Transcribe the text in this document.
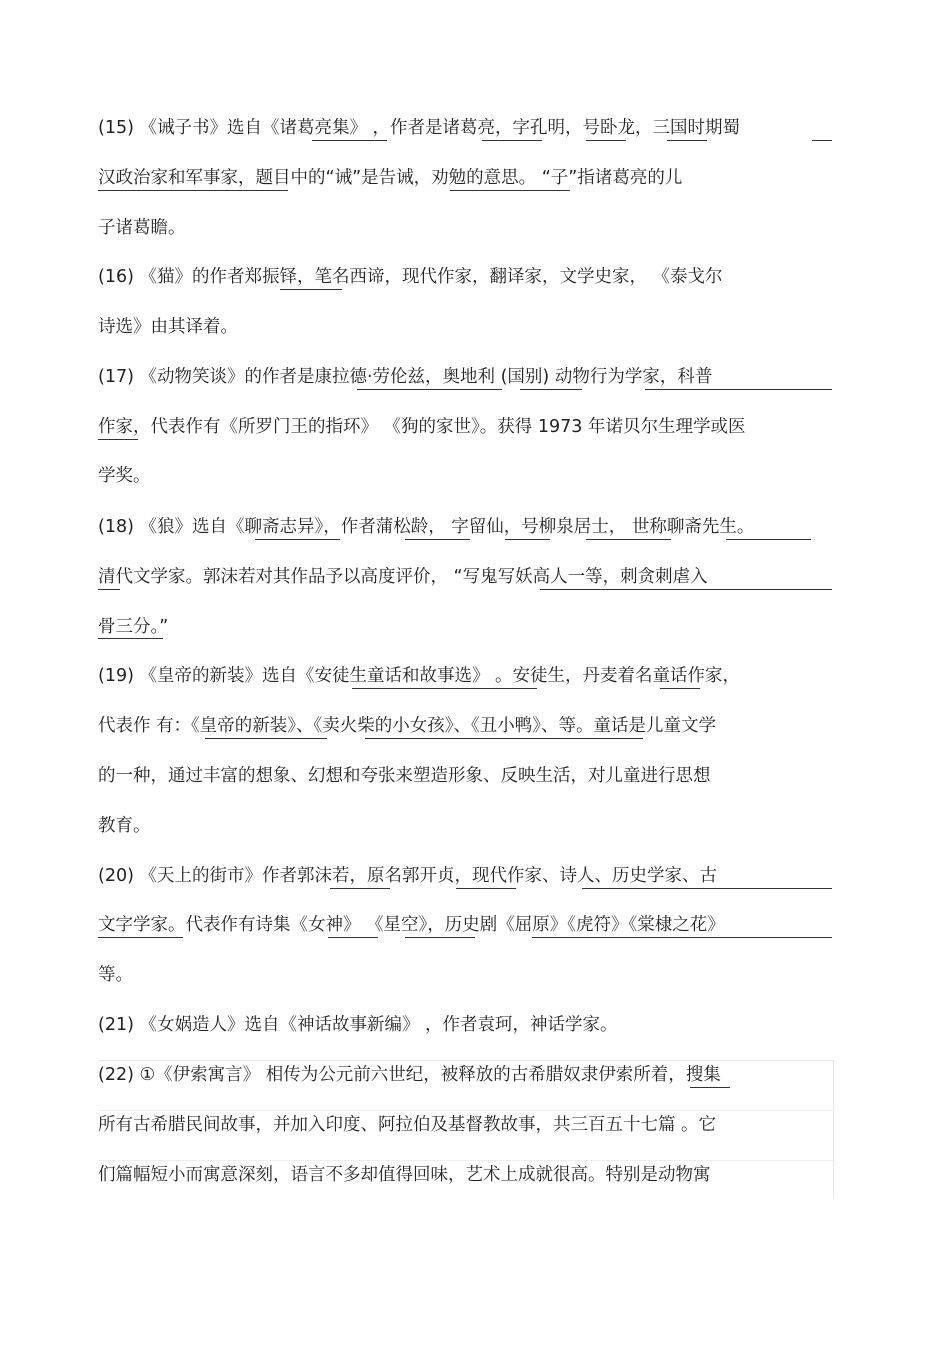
(15) 《诫子书》选自《诸葛亮集》 ，作者是诸葛亮，字孔明，号卧龙，三国时期蜀
汉政治家和军事家，题目中的“诫”是告诫，劝勉的意思。 “子”指诸葛亮的儿
子诸葛瞻。
(16) 《猫》的作者郑振铎，笔名西谛，现代作家，翻译家，文学史家， 《泰戈尔
诗选》由其译着。
(17) 《动物笑谈》的作者是康拉德·劳伦兹，奥地利 (国别) 动物行为学家，科普
作家，代表作有《所罗门王的指环》 《狗的家世》。获得 1973 年诺贝尔生理学或医
学奖。
(18) 《狼》选自《聊斋志异》，作者蒲松龄， 字留仙，号柳泉居士， 世称聊斋先生。
清代文学家。郭沫若对其作品予以高度评价， “写鬼写妖高人一等，刺贪刺虐入
骨三分。”
(19) 《皇帝的新装》选自《安徒生童话和故事选》 。安徒生，丹麦着名童话作家，
代表作 有：《皇帝的新装》、《卖火柴的小女孩》、《丑小鸭》、等。童话是儿童文学
的一种，通过丰富的想象、幻想和夸张来塑造形象、反映生活，对儿童进行思想
教育。
(20) 《天上的街市》作者郭沫若，原名郭开贞，现代作家、诗人、历史学家、古
文字学家。代表作有诗集《女神》 《星空》，历史剧《屈原》《虎符》《棠棣之花》
等。
(21) 《女娲造人》选自《神话故事新编》 ，作者袁珂，神话学家。
(22) ①《伊索寓言》 相传为公元前六世纪，被释放的古希腊奴隶伊索所着，搜集
所有古希腊民间故事，并加入印度、阿拉伯及基督教故事，共三百五十七篇 。它
们篇幅短小而寓意深刻，语言不多却值得回味，艺术上成就很高。特别是动物寓
